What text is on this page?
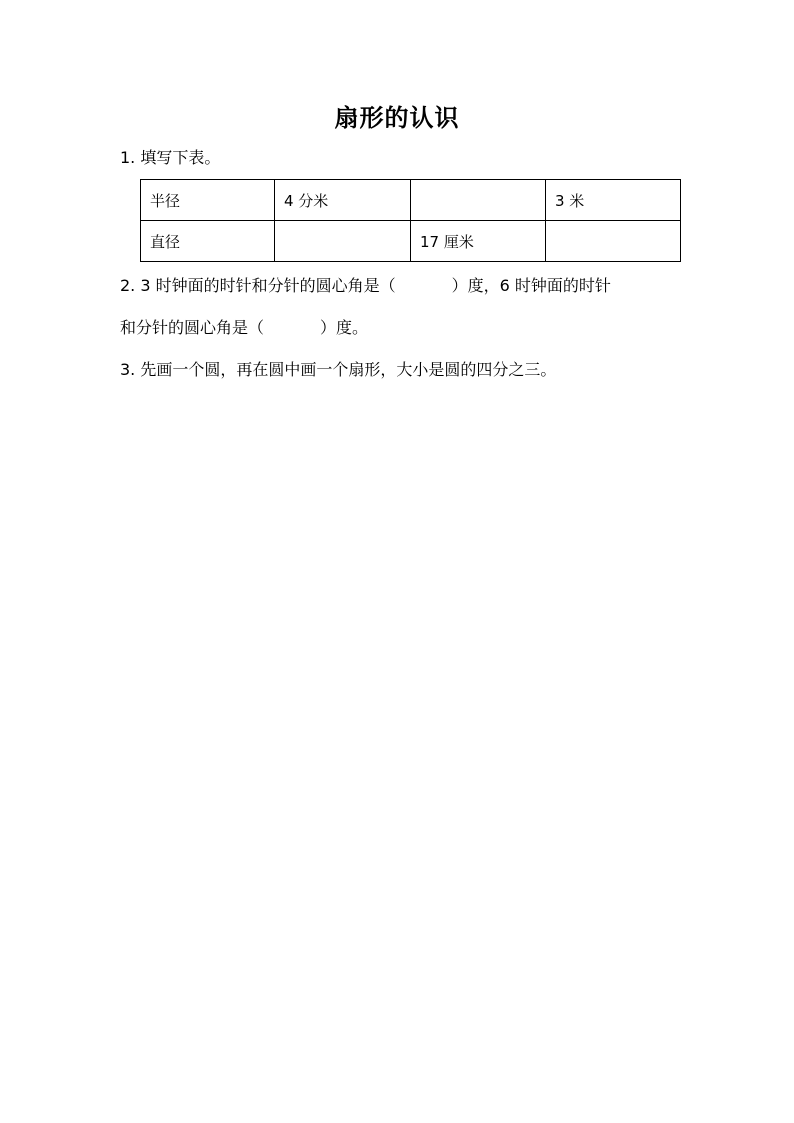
扇形的认识
1. 填写下表。
半径	4 分米		3 米
直径		17 厘米	
2. 3 时钟面的时针和分针的圆心角是（	）度，6 时钟面的时针
和分针的圆心角是（	）度。
3. 先画一个圆，再在圆中画一个扇形，大小是圆的四分之三。
